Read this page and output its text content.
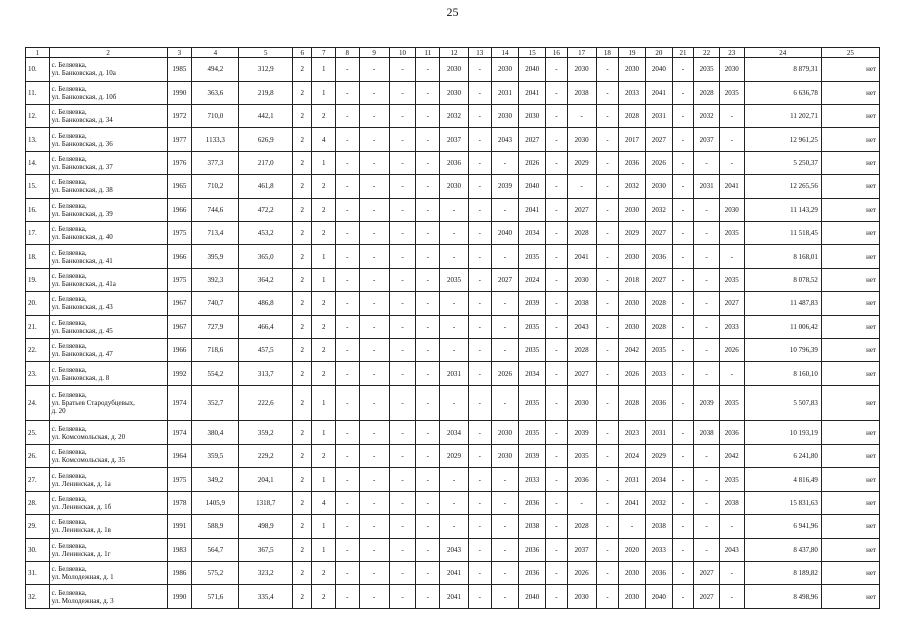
25
1	2	3	4	5	6	7	8	9	10	11	12	13	14	15	16	17	18	19	20	21	22	23	24	25
10.	с. Беляевка,
ул. Банковская, д. 10а	1985	494,2	312,9	2	1	-	-	-	-	2030	-	2030	2040	-	2030	-	2030	2040	-	2035	2030	8 879,31	нет
11.	с. Беляевка,
ул. Банковская, д. 10б	1990	363,6	219,8	2	1	-	-	-	-	2030	-	2031	2041	-	2038	-	2033	2041	-	2028	2035	6 636,78	нет
12.	с. Беляевка,
ул. Банковская, д. 34	1972	710,0	442,1	2	2	-	-	-	-	2032	-	2030	2030	-	-	-	2028	2031	-	2032	-	11 202,71	нет
13.	с. Беляевка,
ул. Банковская, д. 36	1977	1133,3	626,9	2	4	-	-	-	-	2037	-	2043	2027	-	2030	-	2017	2027	-	2037	-	12 961,25	нет
14.	с. Беляевка,
ул. Банковская, д. 37	1976	377,3	217,0	2	1	-	-	-	-	2036	-	-	2026	-	2029	-	2036	2026	-	-	-	5 250,37	нет
15.	с. Беляевка,
ул. Банковская, д. 38	1965	710,2	461,8	2	2	-	-	-	-	2030	-	2039	2040	-	-	-	2032	2030	-	2031	2041	12 265,56	нет
16.	с. Беляевка,
ул. Банковская, д. 39	1966	744,6	472,2	2	2	-	-	-	-	-	-	-	2041	-	2027	-	2030	2032	-	-	2030	11 143,29	нет
17.	с. Беляевка,
ул. Банковская, д. 40	1975	713,4	453,2	2	2	-	-	-	-	-	-	2040	2034	-	2028	-	2029	2027	-	-	2035	11 518,45	нет
18.	с. Беляевка,
ул. Банковская, д. 41	1966	395,9	365,0	2	1	-	-	-	-	-	-	-	2035	-	2041	-	2030	2036	-	-	-	8 168,01	нет
19.	с. Беляевка,
ул. Банковская, д. 41а	1975	392,3	364,2	2	1	-	-	-	-	2035	-	2027	2024	-	2030	-	2018	2027	-	-	2035	8 078,52	нет
20.	с. Беляевка,
ул. Банковская, д. 43	1967	740,7	486,8	2	2	-	-	-	-	-	-	-	2039	-	2038	-	2030	2028	-	-	2027	11 487,83	нет
21.	с. Беляевка,
ул. Банковская, д. 45	1967	727,9	466,4	2	2	-	-	-	-	-	-	-	2035	-	2043	-	2030	2028	-	-	2033	11 006,42	нет
22.	с. Беляевка,
ул. Банковская, д. 47	1966	718,6	457,5	2	2	-	-	-	-	-	-	-	2035	-	2028	-	2042	2035	-	-	2026	10 796,39	нет
23.	с. Беляевка,
ул. Банковская, д. 8	1992	554,2	313,7	2	2	-	-	-	-	2031	-	2026	2034	-	2027	-	2026	2033	-	-	-	8 160,10	нет
24.	с. Беляевка,
ул. Братьев Стародубцевых,
д. 20	1974	352,7	222,6	2	1	-	-	-	-	-	-	-	2035	-	2030	-	2028	2036	-	2039	2035	5 507,83	нет
25.	с. Беляевка,
ул. Комсомольская, д. 20	1974	380,4	359,2	2	1	-	-	-	-	2034	-	2030	2035	-	2039	-	2023	2031	-	2038	2036	10 193,19	нет
26.	с. Беляевка,
ул. Комсомольская, д. 35	1964	359,5	229,2	2	2	-	-	-	-	2029	-	2030	2039	-	2035	-	2024	2029	-	-	2042	6 241,80	нет
27.	с. Беляевка,
ул. Ленинская, д. 1а	1975	349,2	204,1	2	1	-	-	-	-	-	-	-	2033	-	2036	-	2031	2034	-	-	2035	4 816,49	нет
28.	с. Беляевка,
ул. Ленинская, д. 1б	1978	1405,9	1318,7	2	4	-	-	-	-	-	-	-	2036	-	-	-	2041	2032	-	-	2038	15 831,63	нет
29.	с. Беляевка,
ул. Ленинская, д. 1в	1991	588,9	498,9	2	1	-	-	-	-	-	-	-	2038	-	2028	-	-	2038	-	-	-	6 941,96	нет
30.	с. Беляевка,
ул. Ленинская, д. 1г	1983	564,7	367,5	2	1	-	-	-	-	2043	-	-	2036	-	2037	-	2020	2033	-	-	2043	8 437,80	нет
31.	с. Беляевка,
ул. Молодежная, д. 1	1986	575,2	323,2	2	2	-	-	-	-	2041	-	-	2036	-	2026	-	2030	2036	-	2027	-	8 189,82	нет
32.	с. Беляевка,
ул. Молодежная, д. 3	1990	571,6	335,4	2	2	-	-	-	-	2041	-	-	2040	-	2030	-	2030	2040	-	2027	-	8 498,96	нет
